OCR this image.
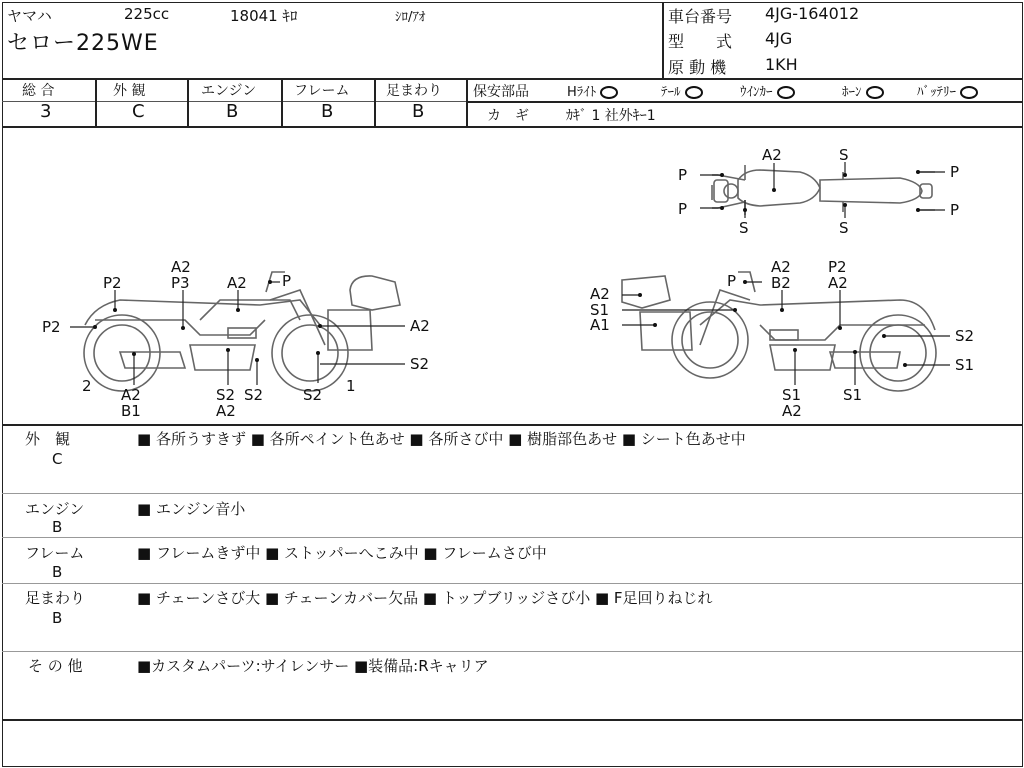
ヤマハ	225cc	18041 ｷﾛ	ｼﾛ/ｱｵ
セロー225WE
車台番号 4JG-164012
型　　式 4JG
原 動 機 1KH
総 合
3
外 観
C
エンジン
B
フレーム
B
足まわり
B
保安部品	Hﾗｲﾄ	ﾃｰﾙ	ｳｲﾝｶｰ	ﾎｰﾝ	ﾊﾞｯﾃﾘｰ
カ　ギ	ｶｷﾞ 1 社外ｷｰ1
P
P
A2	S
P
P
S	S
A2
P3
P2	A2 P
P2	A2
A2
B1
S2
A2
S2	S2
S2
2	1
P
A2
B2
P2
A2
A2
S1
A1
S2
S1
S1
A2
S1
外　観
C
■ 各所うすきず ■ 各所ペイント色あせ ■ 各所さび中 ■ 樹脂部色あせ ■ シート色あせ中
エンジン
B
■ エンジン音小
フレーム
B
■ フレームきず中 ■ ストッパーへこみ中 ■ フレームさび中
足まわり
B
■ チェーンさび大 ■ チェーンカバー欠品 ■ トップブリッジさび小 ■ F足回りねじれ
そ の 他	■カスタムパーツ:サイレンサー ■装備品:Rキャリア
